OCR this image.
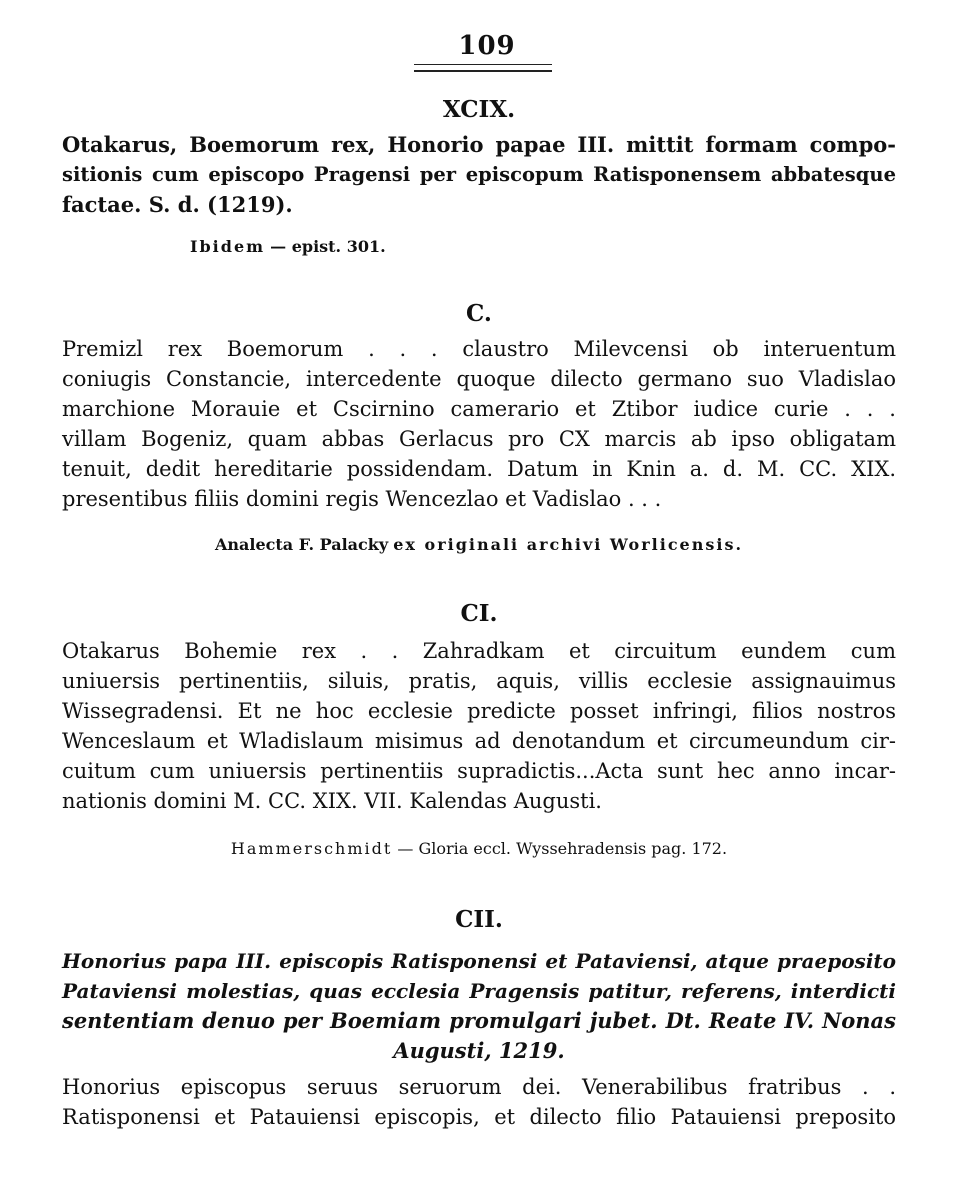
109
XCIX.
Otakarus, Boemorum rex, Honorio papae III. mittit formam compo-
sitionis cum episcopo Pragensi per episcopum Ratisponensem abbatesque
factae. S. d. (1219).
Ibidem — epist. 301.
C.
Premizl rex Boemorum . . . claustro Milevcensi ob interuentum
coniugis Constancie, intercedente quoque dilecto germano suo Vladislao
marchione Morauie et Cscirnino camerario et Ztibor iudice curie . . .
villam Bogeniz, quam abbas Gerlacus pro CX marcis ab ipso obligatam
tenuit, dedit hereditarie possidendam. Datum in Knin a. d. M. CC. XIX.
presentibus filiis domini regis Wencezlao et Vadislao . . .
Analecta F. Palacky ex originali archivi Worlicensis.
CI.
Otakarus Bohemie rex . . Zahradkam et circuitum eundem cum
uniuersis pertinentiis, siluis, pratis, aquis, villis ecclesie assignauimus
Wissegradensi. Et ne hoc ecclesie predicte posset infringi, filios nostros
Wenceslaum et Wladislaum misimus ad denotandum et circumeundum cir-
cuitum cum uniuersis pertinentiis supradictis...Acta sunt hec anno incar-
nationis domini M. CC. XIX. VII. Kalendas Augusti.
Hammerschmidt — Gloria eccl. Wyssehradensis pag. 172.
CII.
Honorius papa III. episcopis Ratisponensi et Pataviensi, atque praeposito
Pataviensi molestias, quas ecclesia Pragensis patitur, referens, interdicti
sententiam denuo per Boemiam promulgari jubet. Dt. Reate IV. Nonas
Augusti, 1219.
Honorius episcopus seruus seruorum dei. Venerabilibus fratribus . .
Ratisponensi et Patauiensi episcopis, et dilecto filio Patauiensi preposito
